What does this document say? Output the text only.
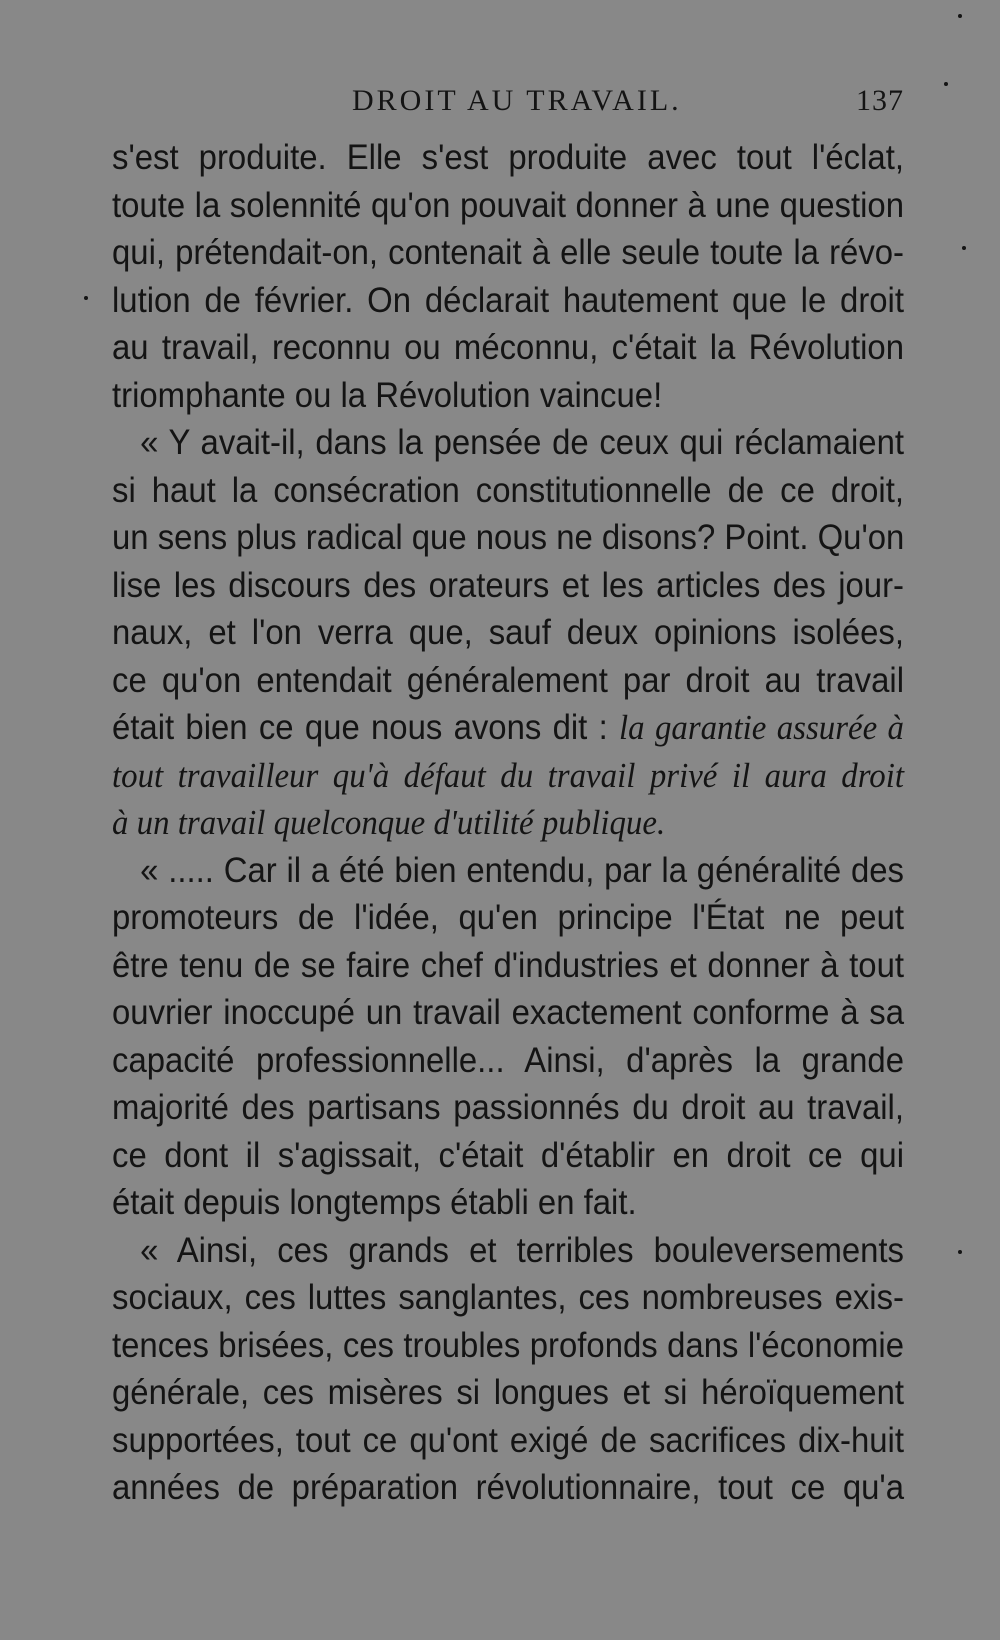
DROIT AU TRAVAIL.	137
s'est produite. Elle s'est produite avec tout l'éclat,
toute la solennité qu'on pouvait donner à une question
qui, prétendait-on, contenait à elle seule toute la révo-
lution de février. On déclarait hautement que le droit
au travail, reconnu ou méconnu, c'était la Révolution
triomphante ou la Révolution vaincue!
« Y avait-il, dans la pensée de ceux qui réclamaient
si haut la consécration constitutionnelle de ce droit,
un sens plus radical que nous ne disons? Point. Qu'on
lise les discours des orateurs et les articles des jour-
naux, et l'on verra que, sauf deux opinions isolées,
ce qu'on entendait généralement par droit au travail
était bien ce que nous avons dit : la garantie assurée à
tout travailleur qu'à défaut du travail privé il aura droit
à un travail quelconque d'utilité publique.
« ..... Car il a été bien entendu, par la généralité des
promoteurs de l'idée, qu'en principe l'État ne peut
être tenu de se faire chef d'industries et donner à tout
ouvrier inoccupé un travail exactement conforme à sa
capacité professionnelle... Ainsi, d'après la grande
majorité des partisans passionnés du droit au travail,
ce dont il s'agissait, c'était d'établir en droit ce qui
était depuis longtemps établi en fait.
« Ainsi, ces grands et terribles bouleversements
sociaux, ces luttes sanglantes, ces nombreuses exis-
tences brisées, ces troubles profonds dans l'économie
générale, ces misères si longues et si héroïquement
supportées, tout ce qu'ont exigé de sacrifices dix-huit
années de préparation révolutionnaire, tout ce qu'a
